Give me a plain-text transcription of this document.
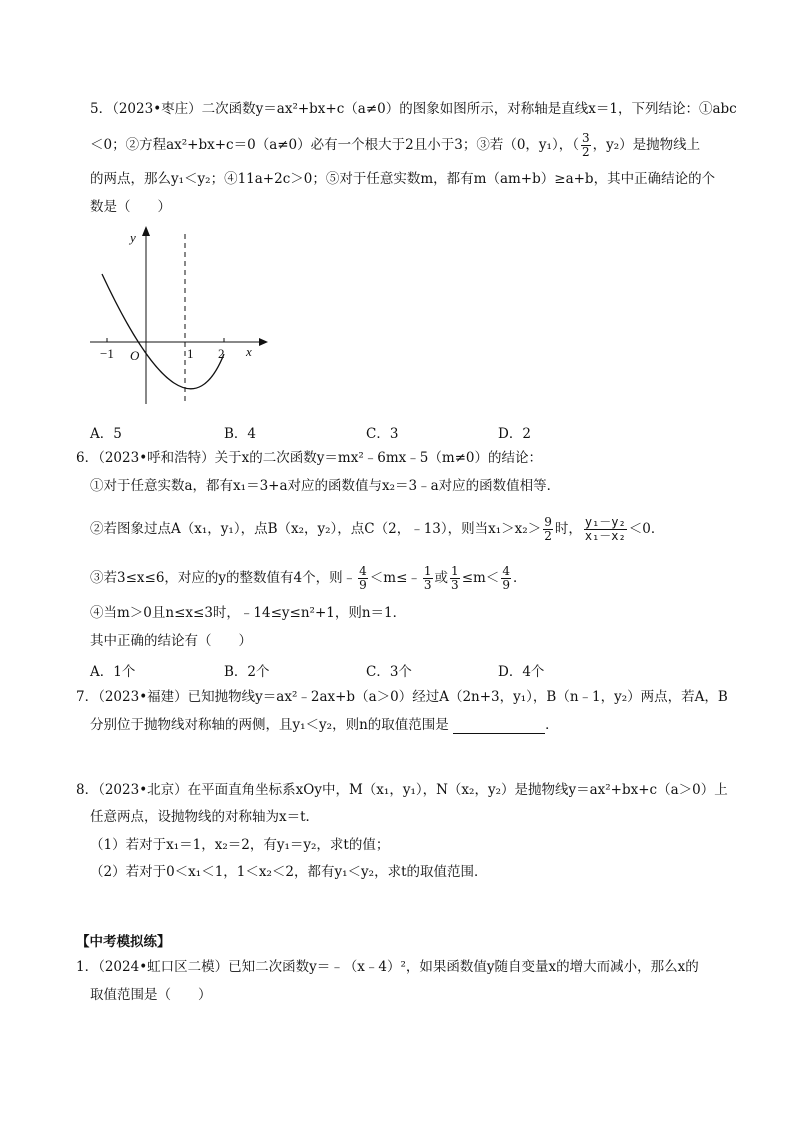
5．（2023•枣庄）二次函数y＝ax²+bx+c（a≠0）的图象如图所示，对称轴是直线x＝1，下列结论：①abc
＜0；②方程ax²+bx+c＝0（a≠0）必有一个根大于2且小于3；③若（0，y₁），（ $\frac{3}{2}$ ，y₂）是抛物线上
的两点，那么y₁＜y₂；④11a+2c＞0；⑤对于任意实数m，都有m（am+b）≥a+b，其中正确结论的个
数是（　　）
y
x
O
−1	1 2
A．5	B．4	C．3	D．2
6．（2023•呼和浩特）关于x的二次函数y＝mx²﹣6mx﹣5（m≠0）的结论：
①对于任意实数a，都有x₁＝3+a对应的函数值与x₂＝3﹣a对应的函数值相等．
②若图象过点A（x₁，y₁），点B（x₂，y₂），点C（2，﹣13），则当$x_1>x_2> \frac{9}{2}$ 时， $\frac{\text{y₁－y₂}}{\text{x₁－x₂}} <0$．
③若3≤x≤6，对应的y的整数值有4个，则﹣ $\frac{4}{9}$ ＜m≤﹣ $\frac{1}{3}$ 或 $\frac{1}{3} \le m< \frac{4}{9}$ ．
④当m＞0且n≤x≤3时，﹣14≤y≤n²+1，则n＝1．
其中正确的结论有（　　）
A．1个	B．2个	C．3个	D．4个
7．（2023•福建）已知抛物线y＝ax²﹣2ax+b（a＞0）经过A（2n+3，y₁），B（n﹣1，y₂）两点，若A，B
分别位于抛物线对称轴的两侧，且y₁＜y₂，则n的取值范围是	．
8．（2023•北京）在平面直角坐标系xOy中，M（x₁，y₁），N（x₂，y₂）是抛物线y＝ax²+bx+c（a＞0）上
任意两点，设抛物线的对称轴为x＝t．
（1）若对于x₁＝1，x₂＝2，有y₁＝y₂，求t的值；
（2）若对于0＜x₁＜1，1＜x₂＜2，都有y₁＜y₂，求t的取值范围．
【中考模拟练】
1．（2024•虹口区二模）已知二次函数y＝﹣（x﹣4）²，如果函数值y随自变量x的增大而减小，那么x的
取值范围是（　　）
